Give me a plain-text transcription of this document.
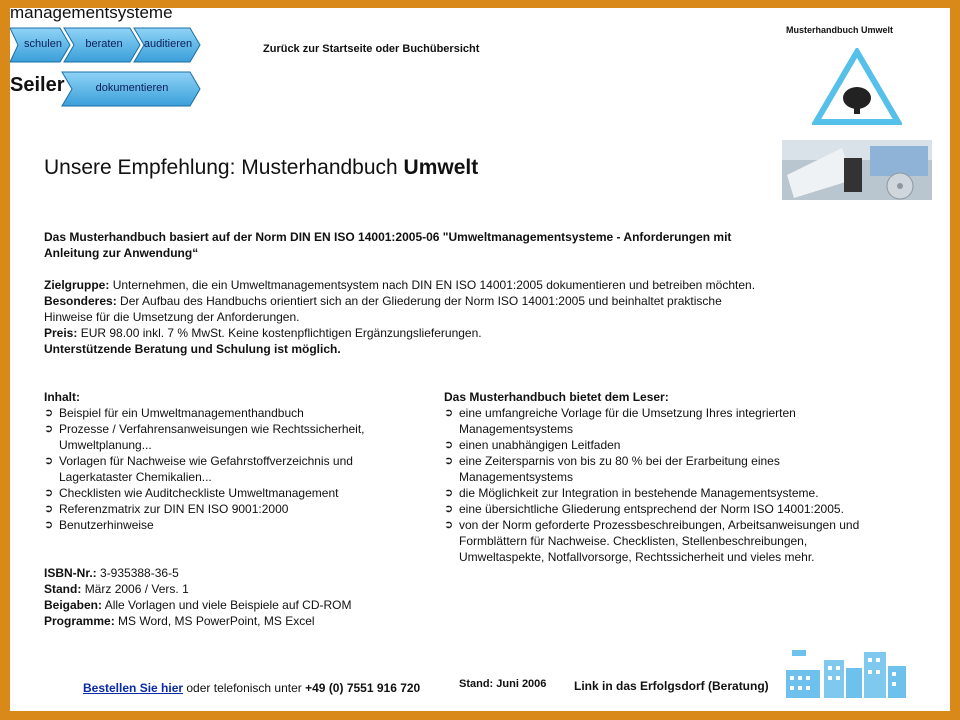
managementsysteme
schulen	beraten	auditieren
dokumentieren
Seiler
Zurück zur Startseite oder Buchübersicht
Musterhandbuch Umwelt
Unsere Empfehlung: Musterhandbuch Umwelt
Das Musterhandbuch basiert auf der Norm DIN EN ISO 14001:2005-06 "Umweltmanagementsysteme - Anforderungen mit
Anleitung zur Anwendung“
Zielgruppe: Unternehmen, die ein Umweltmanagementsystem nach DIN EN ISO 14001:2005 dokumentieren und betreiben möchten.
Besonderes: Der Aufbau des Handbuchs orientiert sich an der Gliederung der Norm ISO 14001:2005 und beinhaltet praktische
Hinweise für die Umsetzung der Anforderungen.
Preis: EUR 98.00 inkl. 7 % MwSt. Keine kostenpflichtigen Ergänzungslieferungen.
Unterstützende Beratung und Schulung ist möglich.
Inhalt:
➲ Beispiel für ein Umweltmanagementhandbuch
➲ Prozesse / Verfahrensanweisungen wie Rechtssicherheit,
Umweltplanung...
➲ Vorlagen für Nachweise wie Gefahrstoffverzeichnis und
Lagerkataster Chemikalien...
➲ Checklisten wie Auditcheckliste Umweltmanagement
➲ Referenzmatrix zur DIN EN ISO 9001:2000
➲ Benutzerhinweise
Das Musterhandbuch bietet dem Leser:
➲ eine umfangreiche Vorlage für die Umsetzung Ihres integrierten
Managementsystems
➲ einen unabhängigen Leitfaden
➲ eine Zeitersparnis von bis zu 80 % bei der Erarbeitung eines
Managementsystems
➲ die Möglichkeit zur Integration in bestehende Managementsysteme.
➲ eine übersichtliche Gliederung entsprechend der Norm ISO 14001:2005.
➲ von der Norm geforderte Prozessbeschreibungen, Arbeitsanweisungen und
Formblättern für Nachweise. Checklisten, Stellenbeschreibungen,
Umweltaspekte, Notfallvorsorge, Rechtssicherheit und vieles mehr.
ISBN-Nr.: 3-935388-36-5
Stand: März 2006 / Vers. 1
Beigaben: Alle Vorlagen und viele Beispiele auf CD-ROM
Programme: MS Word, MS PowerPoint, MS Excel
Bestellen Sie hier oder telefonisch unter +49 (0) 7551 916 720	Stand: Juni 2006 Link in das Erfolgsdorf (Beratung)
